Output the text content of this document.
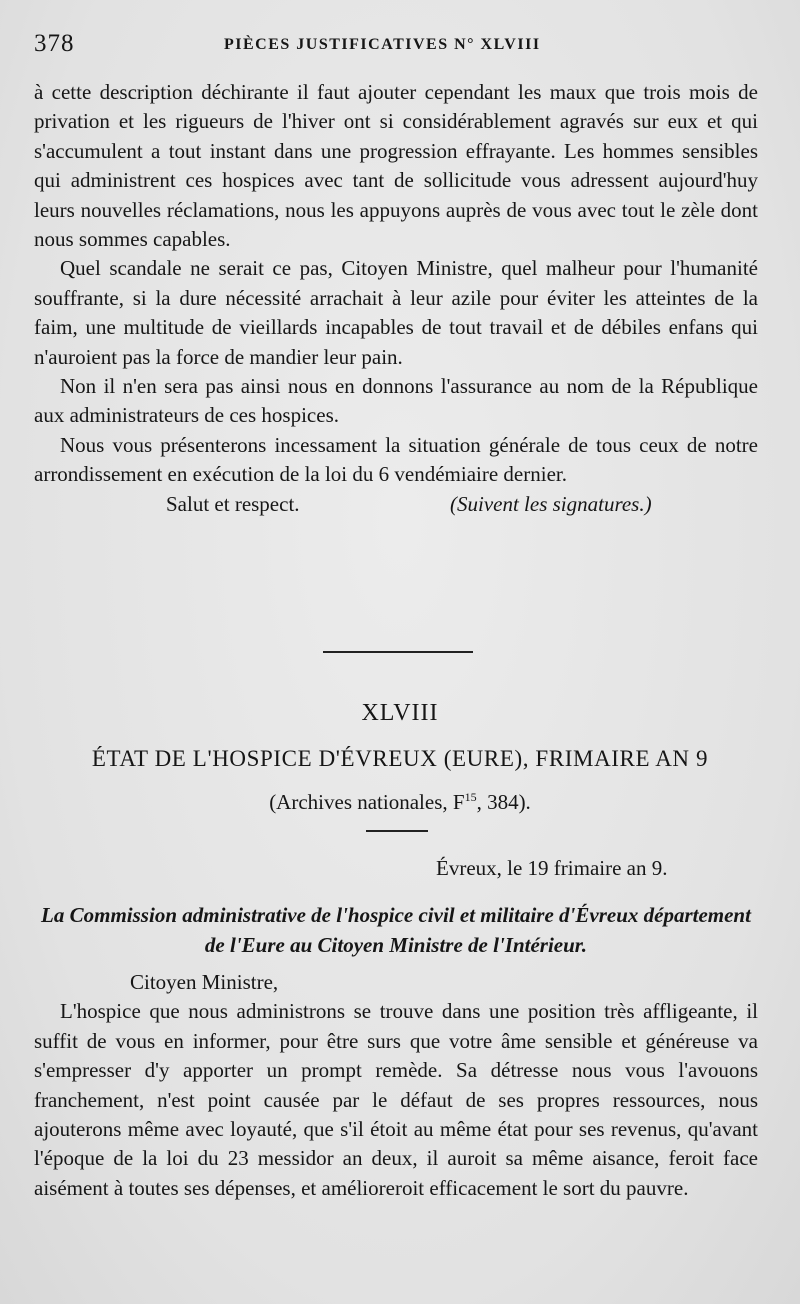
378	PIÈCES JUSTIFICATIVES N° XLVIII

à cette description déchirante il faut ajouter cependant les maux que trois mois de privation et les rigueurs de l'hiver ont si considérablement agravés sur eux et qui s'accumulent a tout instant dans une progression effrayante. Les hommes sensibles qui administrent ces hospices avec tant de sollicitude vous adressent aujourd'huy leurs nouvelles réclamations, nous les appuyons auprès de vous avec tout le zèle dont nous sommes capables.

Quel scandale ne serait ce pas, Citoyen Ministre, quel malheur pour l'humanité souffrante, si la dure nécessité arrachait à leur azile pour éviter les atteintes de la faim, une multitude de vieillards incapables de tout travail et de débiles enfans qui n'auroient pas la force de mandier leur pain.

Non il n'en sera pas ainsi nous en donnons l'assurance au nom de la République aux administrateurs de ces hospices.

Nous vous présenterons incessament la situation générale de tous ceux de notre arrondissement en exécution de la loi du 6 vendémiaire dernier.

Salut et respect.	(Suivent les signatures.)
XLVIII
ÉTAT DE L'HOSPICE D'ÉVREUX (EURE), FRIMAIRE AN 9
(Archives nationales, $F^{15}$, 384).
Évreux, le 19 frimaire an 9.
La Commission administrative de l'hospice civil et militaire d'Évreux département de l'Eure au Citoyen Ministre de l'Intérieur.

Citoyen Ministre,

L'hospice que nous administrons se trouve dans une position très affligeante, il suffit de vous en informer, pour être surs que votre âme sensible et généreuse va s'empresser d'y apporter un prompt remède. Sa détresse nous vous l'avouons franchement, n'est point causée par le défaut de ses propres ressources, nous ajouterons même avec loyauté, que s'il étoit au même état pour ses revenus, qu'avant l'époque de la loi du 23 messidor an deux, il auroit sa même aisance, feroit face aisément à toutes ses dépenses, et amélioreroit efficacement le sort du pauvre.
